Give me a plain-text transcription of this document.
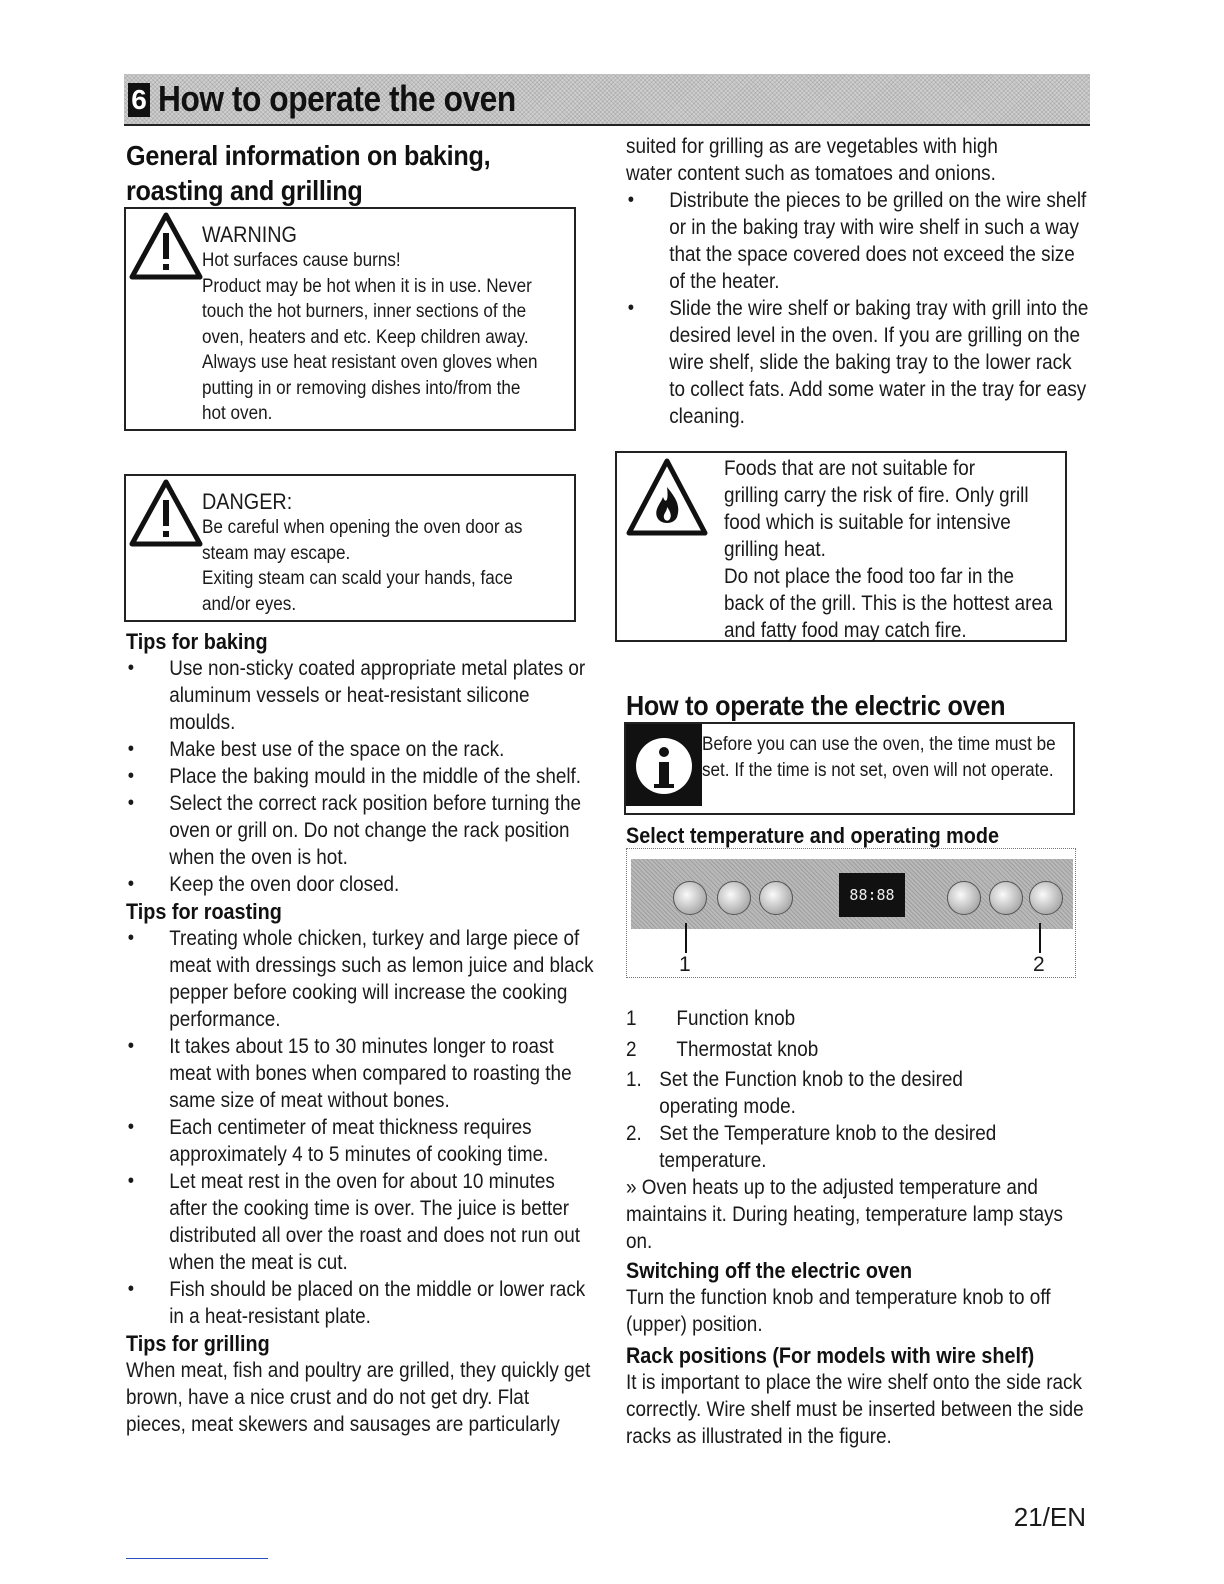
6 How to operate the oven
General information on baking, roasting and grilling
WARNING
Hot surfaces cause burns!
Product may be hot when it is in use. Never touch the hot burners, inner sections of the oven, heaters and etc. Keep children away. Always use heat resistant oven gloves when putting in or removing dishes into/from the hot oven.
DANGER:
Be careful when opening the oven door as steam may escape.
Exiting steam can scald your hands, face and/or eyes.
Tips for baking
• Use non-sticky coated appropriate metal plates or aluminum vessels or heat-resistant silicone moulds.
• Make best use of the space on the rack.
• Place the baking mould in the middle of the shelf.
• Select the correct rack position before turning the oven or grill on. Do not change the rack position when the oven is hot.
• Keep the oven door closed.
Tips for roasting
• Treating whole chicken, turkey and large piece of meat with dressings such as lemon juice and black pepper before cooking will increase the cooking performance.
• It takes about 15 to 30 minutes longer to roast meat with bones when compared to roasting the same size of meat without bones.
• Each centimeter of meat thickness requires approximately 4 to 5 minutes of cooking time.
• Let meat rest in the oven for about 10 minutes after the cooking time is over. The juice is better distributed all over the roast and does not run out when the meat is cut.
• Fish should be placed on the middle or lower rack in a heat-resistant plate.
Tips for grilling
When meat, fish and poultry are grilled, they quickly get brown, have a nice crust and do not get dry. Flat pieces, meat skewers and sausages are particularly
suited for grilling as are vegetables with high water content such as tomatoes and onions.
• Distribute the pieces to be grilled on the wire shelf or in the baking tray with wire shelf in such a way that the space covered does not exceed the size of the heater.
• Slide the wire shelf or baking tray with grill into the desired level in the oven. If you are grilling on the wire shelf, slide the baking tray to the lower rack to collect fats. Add some water in the tray for easy cleaning.
Foods that are not suitable for grilling carry the risk of fire. Only grill food which is suitable for intensive grilling heat.
Do not place the food too far in the back of the grill. This is the hottest area and fatty food may catch fire.
How to operate the electric oven
Before you can use the oven, the time must be set. If the time is not set, oven will not operate.
Select temperature and operating mode
88:88
1	2
1	Function knob
2	Thermostat knob
1. Set the Function knob to the desired operating mode.
2. Set the Temperature knob to the desired temperature.
» Oven heats up to the adjusted temperature and maintains it. During heating, temperature lamp stays on.
Switching off the electric oven
Turn the function knob and temperature knob to off (upper) position.
Rack positions (For models with wire shelf)
It is important to place the wire shelf onto the side rack correctly. Wire shelf must be inserted between the side racks as illustrated in the figure.
21/EN
